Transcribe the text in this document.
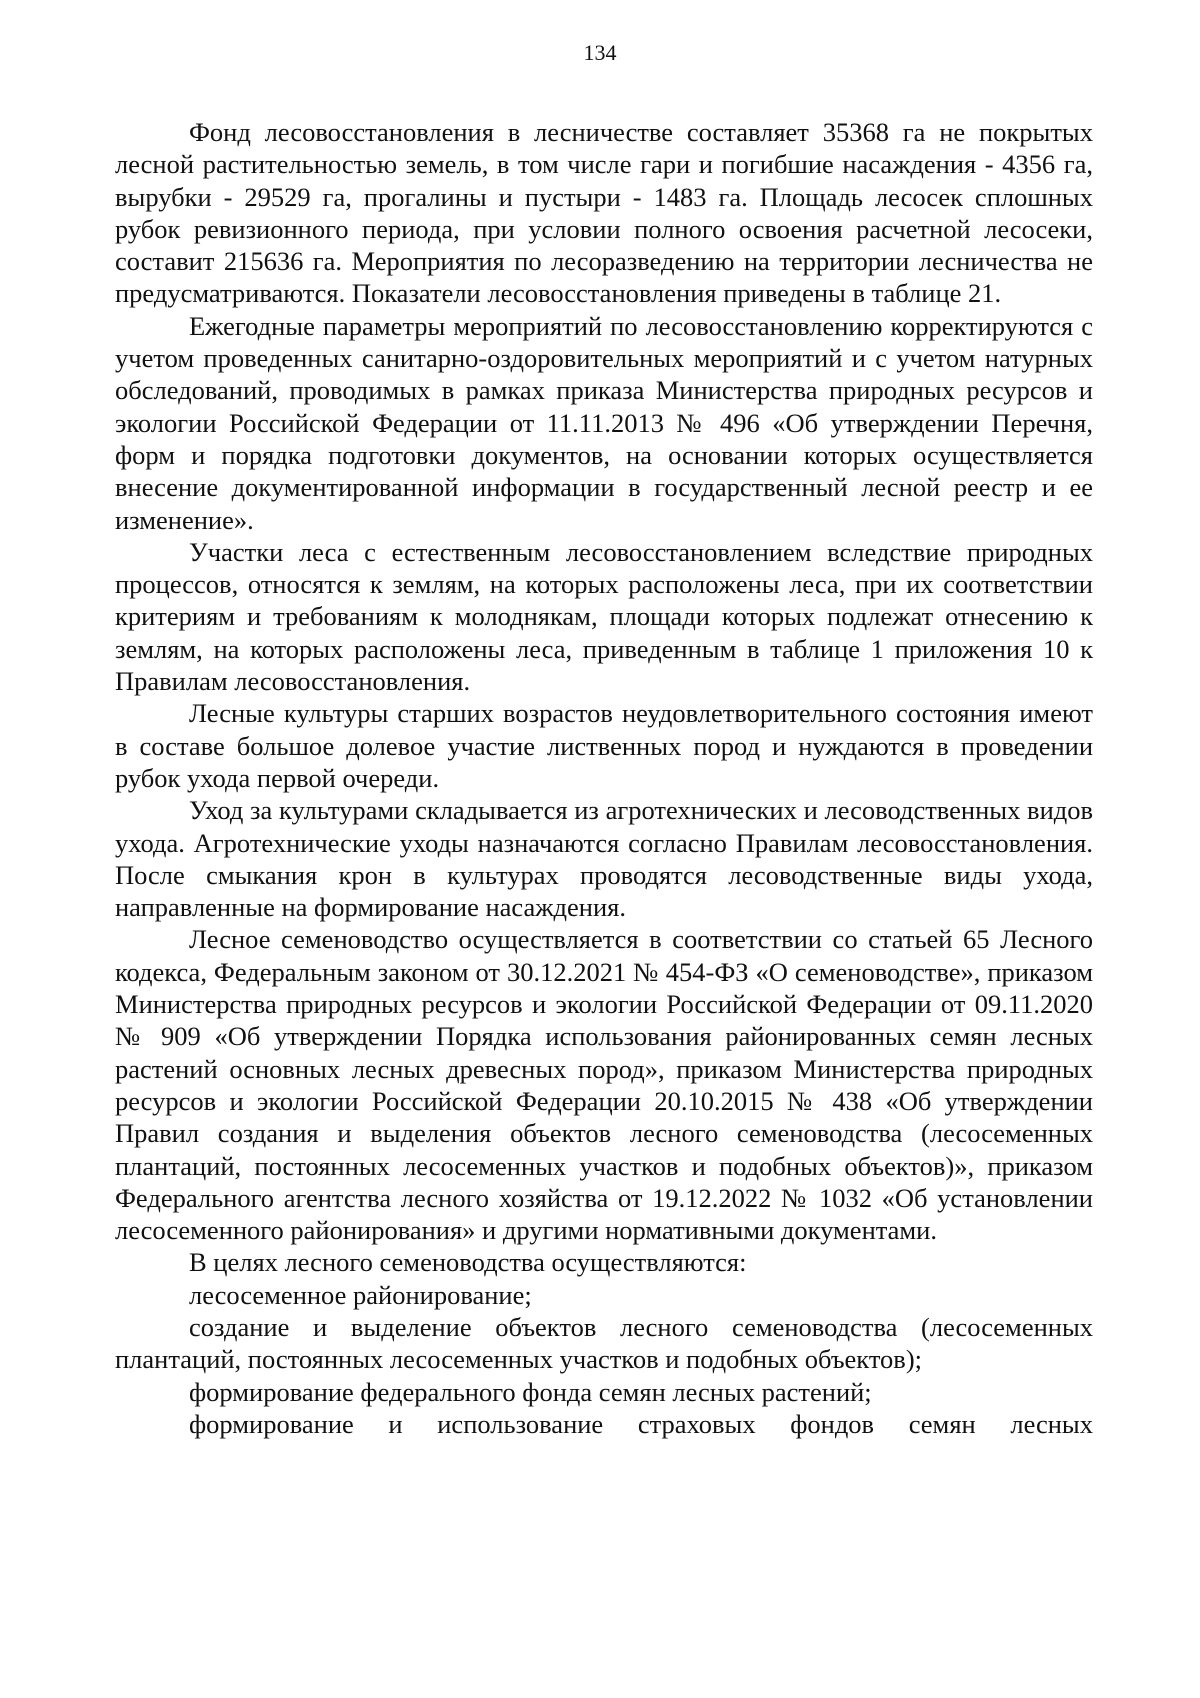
134

Фонд лесовосстановления в лесничестве составляет 35368 га не покрытых лесной растительностью земель, в том числе гари и погибшие насаждения - 4356 га, вырубки - 29529 га, прогалины и пустыри - 1483 га. Площадь лесосек сплошных рубок ревизионного периода, при условии полного освоения расчетной лесосеки, составит 215636 га. Мероприятия по лесоразведению на территории лесничества не предусматриваются. Показатели лесовосстановления приведены в таблице 21.

Ежегодные параметры мероприятий по лесовосстановлению корректируются с учетом проведенных санитарно-оздоровительных мероприятий и с учетом натурных обследований, проводимых в рамках приказа Министерства природных ресурсов и экологии Российской Федерации от 11.11.2013 № 496 «Об утверждении Перечня, форм и порядка подготовки документов, на основании которых осуществляется внесение документированной информации в государственный лесной реестр и ее изменение».

Участки леса с естественным лесовосстановлением вследствие природных процессов, относятся к землям, на которых расположены леса, при их соответствии критериям и требованиям к молоднякам, площади которых подлежат отнесению к землям, на которых расположены леса, приведенным в таблице 1 приложения 10 к Правилам лесовосстановления.

Лесные культуры старших возрастов неудовлетворительного состояния имеют в составе большое долевое участие лиственных пород и нуждаются в проведении рубок ухода первой очереди.

Уход за культурами складывается из агротехнических и лесоводственных видов ухода. Агротехнические уходы назначаются согласно Правилам лесовосстановления. После смыкания крон в культурах проводятся лесоводственные виды ухода, направленные на формирование насаждения.

Лесное семеноводство осуществляется в соответствии со статьей 65 Лесного кодекса, Федеральным законом от 30.12.2021 № 454-ФЗ «О семеноводстве», приказом Министерства природных ресурсов и экологии Российской Федерации от 09.11.2020 № 909 «Об утверждении Порядка использования районированных семян лесных растений основных лесных древесных пород», приказом Министерства природных ресурсов и экологии Российской Федерации 20.10.2015 № 438 «Об утверждении Правил создания и выделения объектов лесного семеноводства (лесосеменных плантаций, постоянных лесосеменных участков и подобных объектов)», приказом Федерального агентства лесного хозяйства от 19.12.2022 № 1032 «Об установлении лесосеменного районирования» и другими нормативными документами.

В целях лесного семеноводства осуществляются:

лесосеменное районирование;

создание и выделение объектов лесного семеноводства (лесосеменных плантаций, постоянных лесосеменных участков и подобных объектов);

формирование федерального фонда семян лесных растений;

формирование и использование страховых фондов семян лесных
